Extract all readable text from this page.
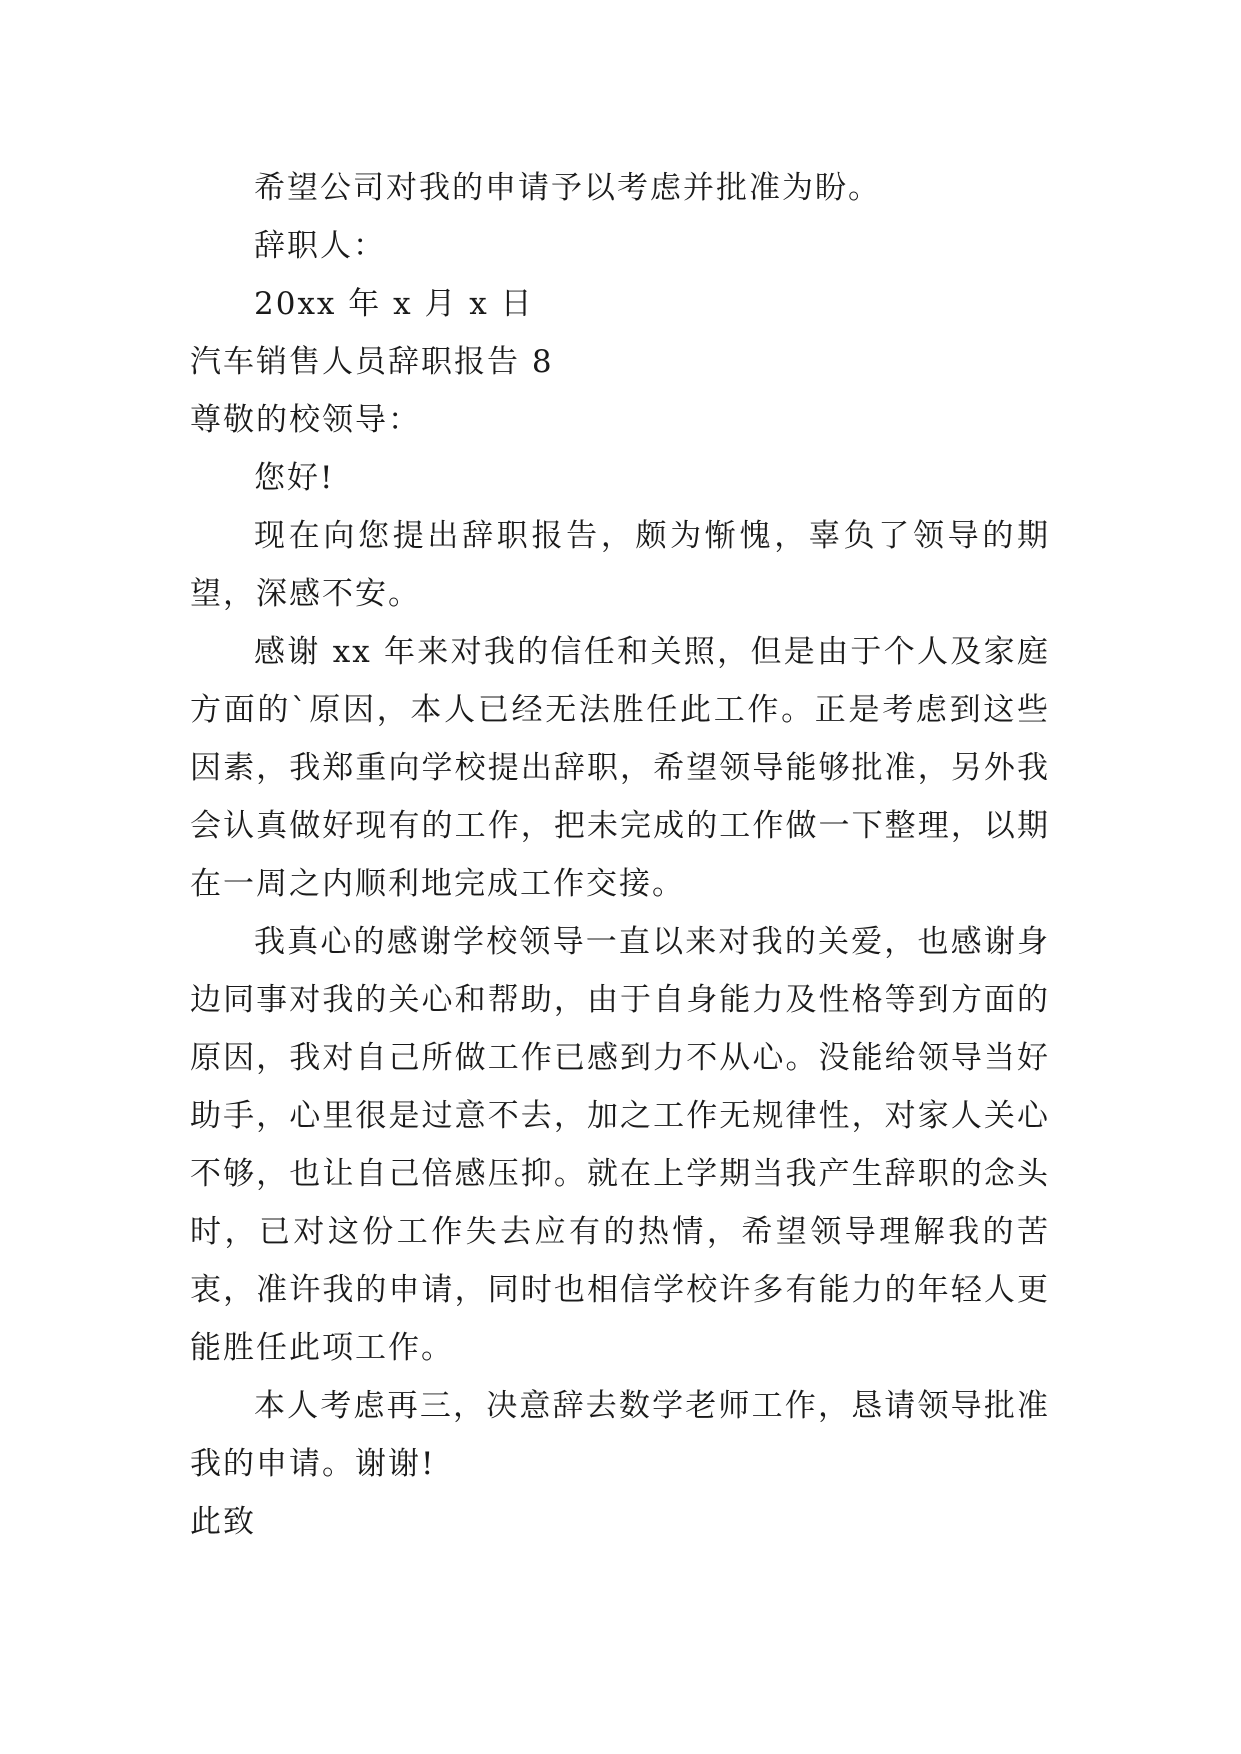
希望公司对我的申请予以考虑并批准为盼。

辞职人：

20xx 年 x 月 x 日

汽车销售人员辞职报告 8

尊敬的校领导：

您好!

现在向您提出辞职报告，颇为惭愧，辜负了领导的期望，深感不安。

感谢 xx 年来对我的信任和关照，但是由于个人及家庭方面的`原因，本人已经无法胜任此工作。正是考虑到这些因素，我郑重向学校提出辞职，希望领导能够批准，另外我会认真做好现有的工作，把未完成的工作做一下整理，以期在一周之内顺利地完成工作交接。

我真心的感谢学校领导一直以来对我的关爱，也感谢身边同事对我的关心和帮助，由于自身能力及性格等到方面的原因，我对自己所做工作已感到力不从心。没能给领导当好助手，心里很是过意不去，加之工作无规律性，对家人关心不够，也让自己倍感压抑。就在上学期当我产生辞职的念头时，已对这份工作失去应有的热情，希望领导理解我的苦衷，准许我的申请，同时也相信学校许多有能力的年轻人更能胜任此项工作。

本人考虑再三，决意辞去数学老师工作，恳请领导批准我的申请。谢谢!

此致
